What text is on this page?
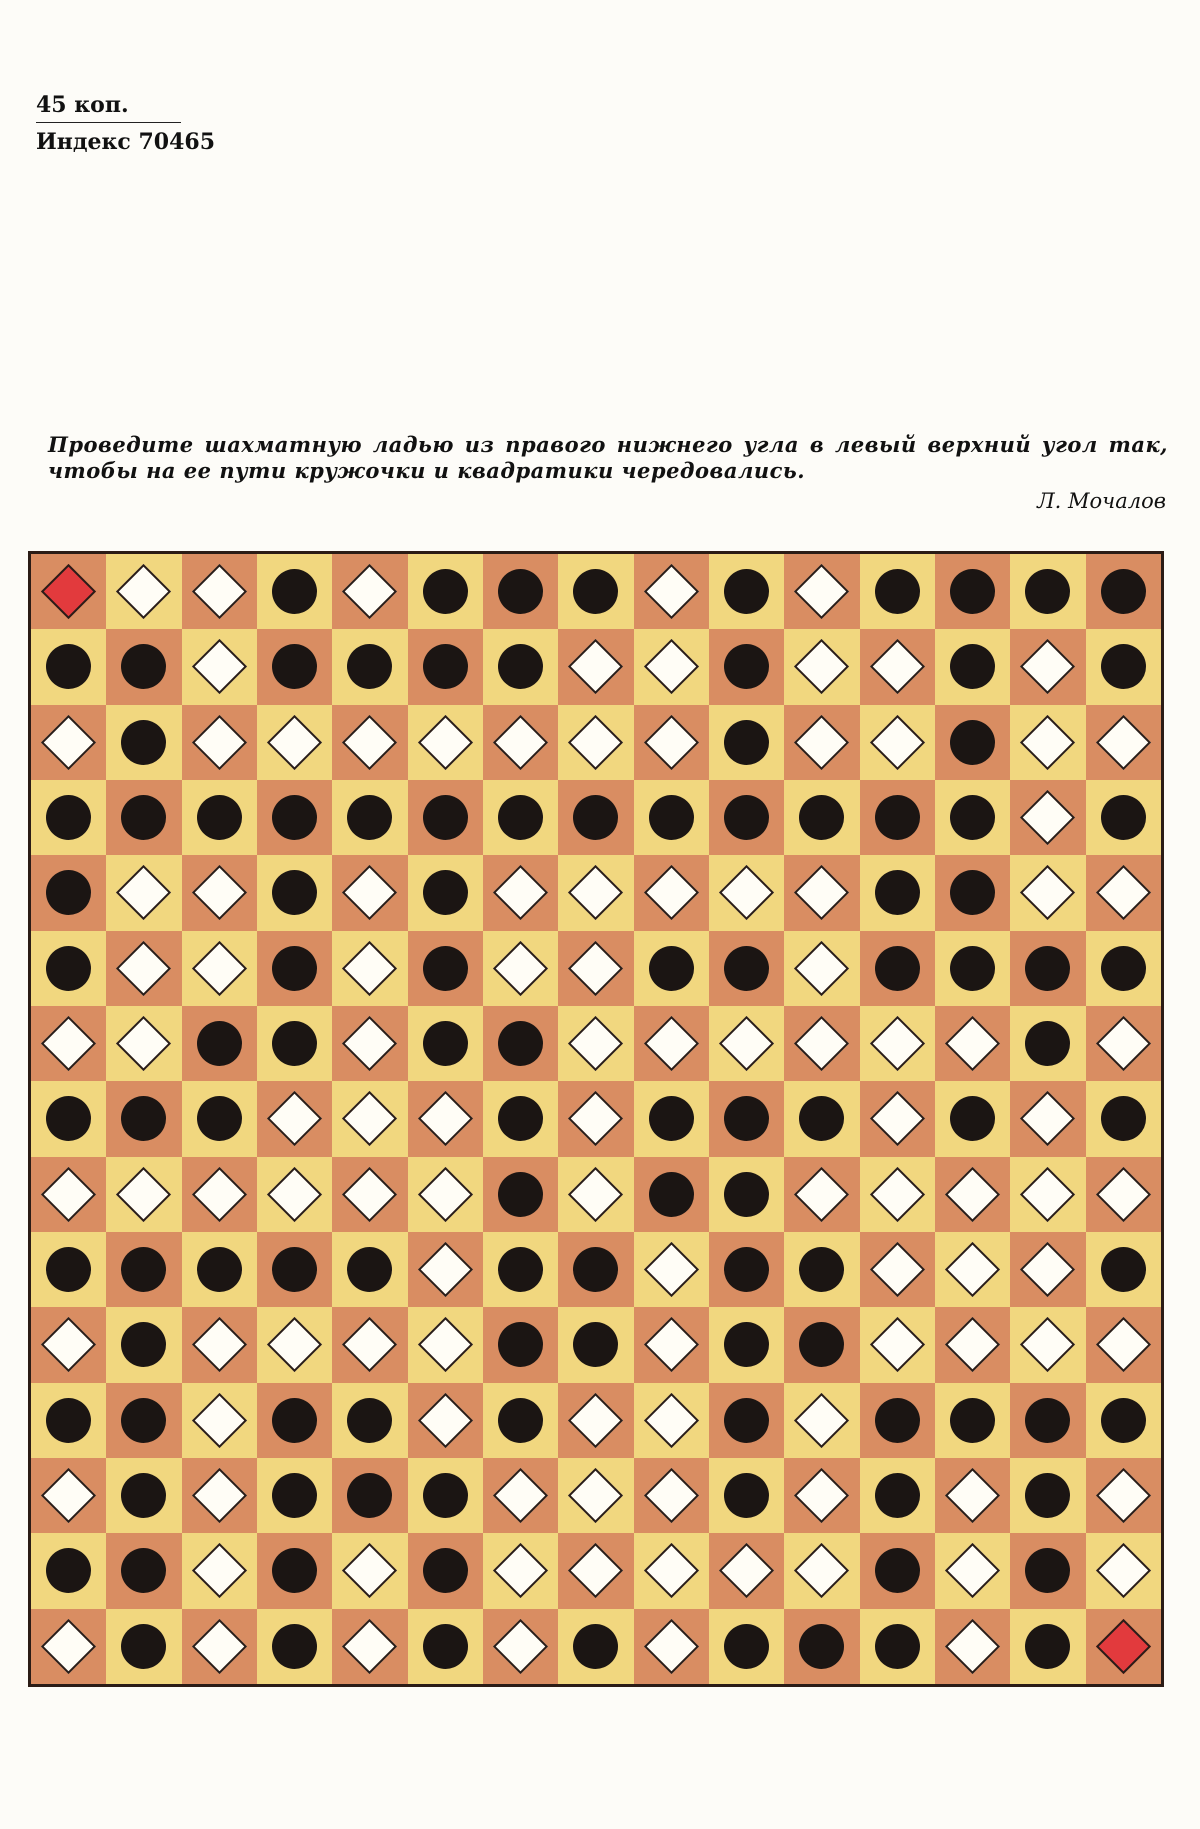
45 коп.

Индекс 70465

Проведите шахматную ладью из правого нижнего угла в левый верхний угол так, чтобы на ее пути кружочки и квадратики чередовались.

Л. Мочалов
